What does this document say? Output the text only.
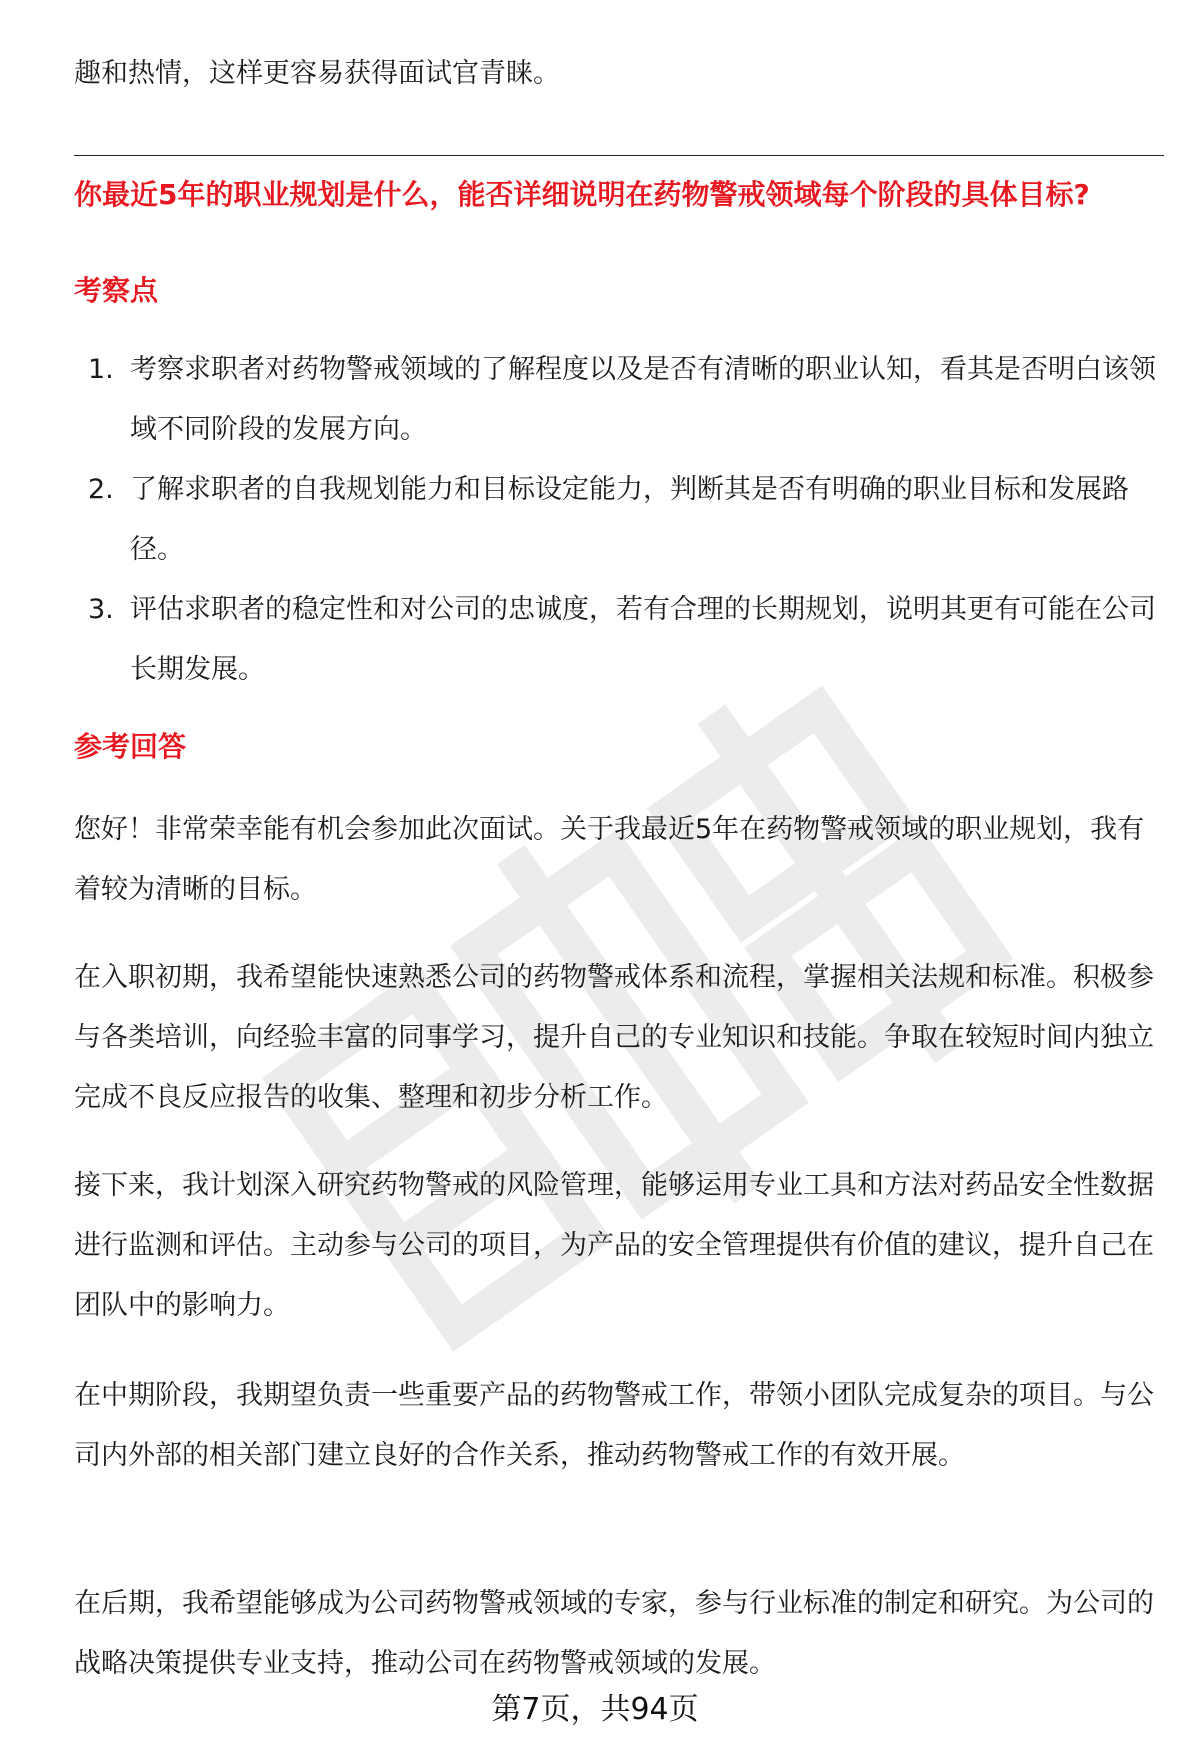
趣和热情，这样更容易获得面试官青睐。

你最近5年的职业规划是什么，能否详细说明在药物警戒领域每个阶段的具体目标?
考察点
1. 考察求职者对药物警戒领域的了解程度以及是否有清晰的职业认知，看其是否明白该领域不同阶段的发展方向。
2. 了解求职者的自我规划能力和目标设定能力，判断其是否有明确的职业目标和发展路径。
3. 评估求职者的稳定性和对公司的忠诚度，若有合理的长期规划，说明其更有可能在公司长期发展。
参考回答

您好！非常荣幸能有机会参加此次面试。关于我最近5年在药物警戒领域的职业规划，我有着较为清晰的目标。

在入职初期，我希望能快速熟悉公司的药物警戒体系和流程，掌握相关法规和标准。积极参与各类培训，向经验丰富的同事学习，提升自己的专业知识和技能。争取在较短时间内独立完成不良反应报告的收集、整理和初步分析工作。

接下来，我计划深入研究药物警戒的风险管理，能够运用专业工具和方法对药品安全性数据进行监测和评估。主动参与公司的项目，为产品的安全管理提供有价值的建议，提升自己在团队中的影响力。

在中期阶段，我期望负责一些重要产品的药物警戒工作，带领小团队完成复杂的项目。与公司内外部的相关部门建立良好的合作关系，推动药物警戒工作的有效开展。

在后期，我希望能够成为公司药物警戒领域的专家，参与行业标准的制定和研究。为公司的战略决策提供专业支持，推动公司在药物警戒领域的发展。

第7页，共94页
